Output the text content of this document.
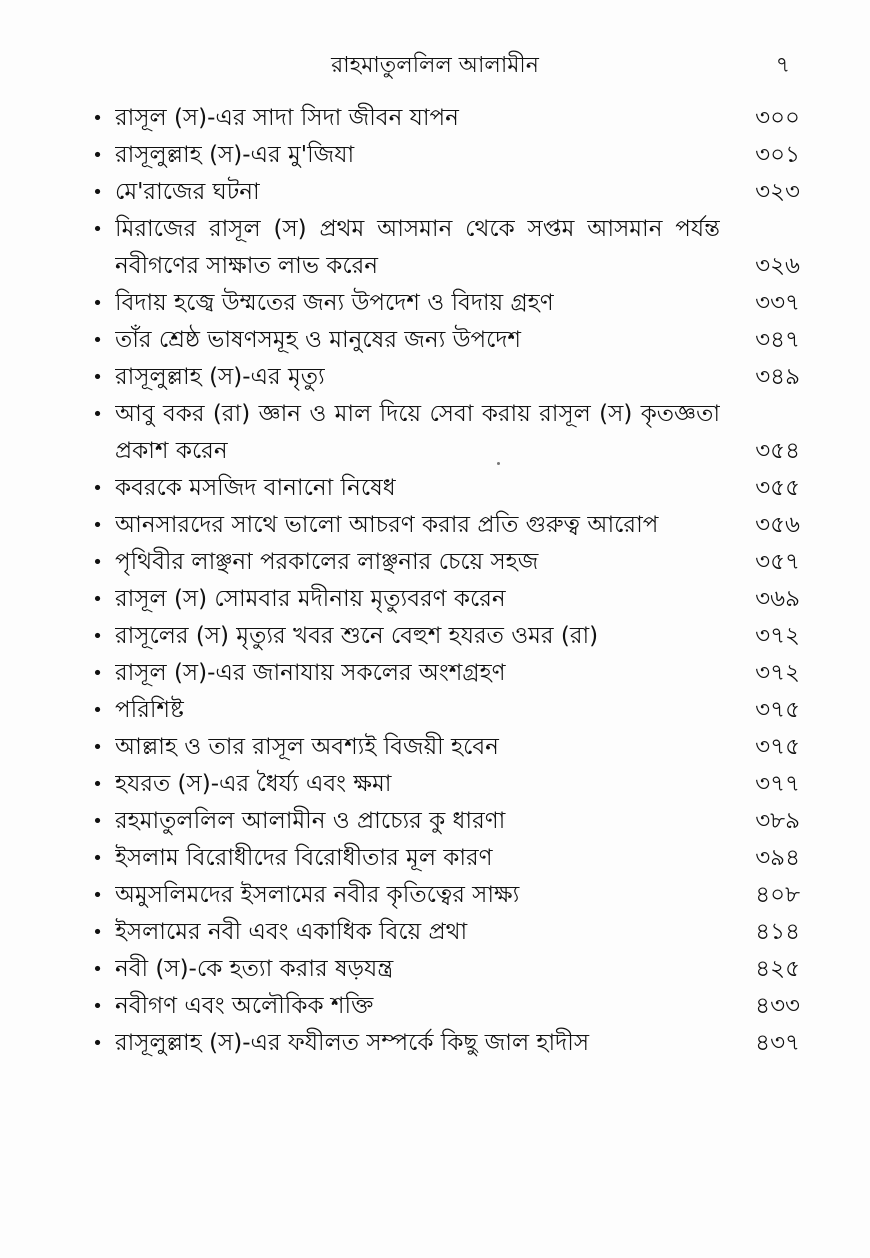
রাহমাতুললিল আলামীন	৭
• রাসূল (স)-এর সাদা সিদা জীবন যাপন	৩০০
• রাসূলুল্লাহ (স)-এর মু'জিযা	৩০১
• মে'রাজের ঘটনা	৩২৩
• মিরাজের রাসূল (স) প্রথম আসমান থেকে সপ্তম আসমান পর্যন্ত নবীগণের সাক্ষাত লাভ করেন	৩২৬
• বিদায় হজ্বে উম্মতের জন্য উপদেশ ও বিদায় গ্রহণ	৩৩৭
• তাঁর শ্রেষ্ঠ ভাষণসমূহ ও মানুষের জন্য উপদেশ	৩৪৭
• রাসূলুল্লাহ (স)-এর মৃত্যু	৩৪৯
• আবু বকর (রা) জ্ঞান ও মাল দিয়ে সেবা করায় রাসূল (স) কৃতজ্ঞতা প্রকাশ করেন	৩৫৪
• কবরকে মসজিদ বানানো নিষেধ	৩৫৫
• আনসারদের সাথে ভালো আচরণ করার প্রতি গুরুত্ব আরোপ	৩৫৬
• পৃথিবীর লাঞ্ছনা পরকালের লাঞ্ছনার চেয়ে সহজ	৩৫৭
• রাসূল (স) সোমবার মদীনায় মৃত্যুবরণ করেন	৩৬৯
• রাসূলের (স) মৃত্যুর খবর শুনে বেহুশ হযরত ওমর (রা)	৩৭২
• রাসূল (স)-এর জানাযায় সকলের অংশগ্রহণ	৩৭২
• পরিশিষ্ট	৩৭৫
• আল্লাহ ও তার রাসূল অবশ্যই বিজয়ী হবেন	৩৭৫
• হযরত (স)-এর ধৈর্য্য এবং ক্ষমা	৩৭৭
• রহমাতুললিল আলামীন ও প্রাচ্যের কু ধারণা	৩৮৯
• ইসলাম বিরোধীদের বিরোধীতার মূল কারণ	৩৯৪
• অমুসলিমদের ইসলামের নবীর কৃতিত্বের সাক্ষ্য	৪০৮
• ইসলামের নবী এবং একাধিক বিয়ে প্রথা	৪১৪
• নবী (স)-কে হত্যা করার ষড়যন্ত্র	৪২৫
• নবীগণ এবং অলৌকিক শক্তি	৪৩৩
• রাসূলুল্লাহ (স)-এর ফযীলত সম্পর্কে কিছু জাল হাদীস	৪৩৭
